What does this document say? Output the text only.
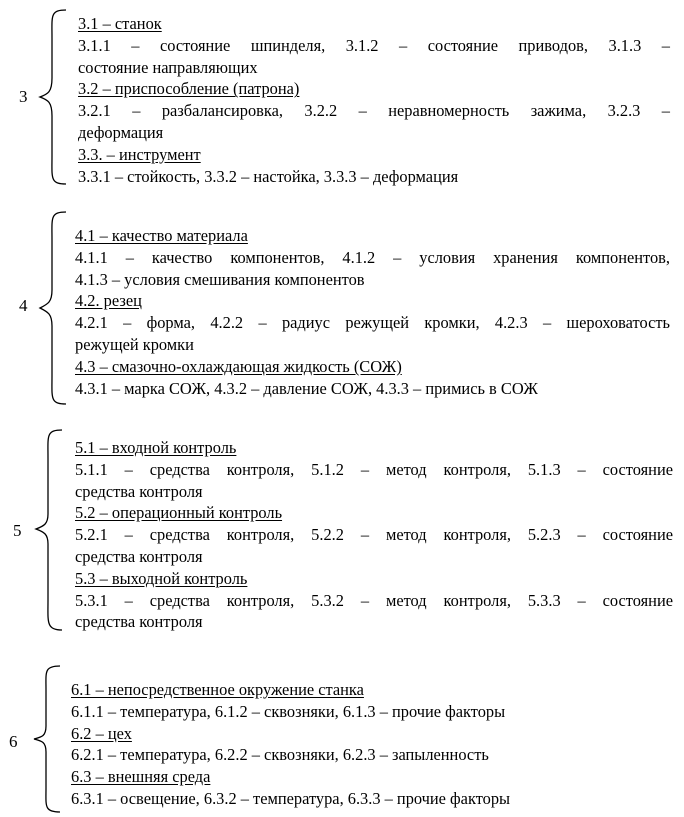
3
3.1 – станок
3.1.1 – состояние шпинделя, 3.1.2 – состояние приводов, 3.1.3 –
состояние направляющих
3.2 – приспособление (патрона)
3.2.1 – разбалансировка, 3.2.2 – неравномерность зажима, 3.2.3 –
деформация
3.3. – инструмент
3.3.1 – стойкость, 3.3.2 – настойка, 3.3.3 – деформация
4
4.1 – качество материала
4.1.1 – качество компонентов, 4.1.2 – условия хранения компонентов,
4.1.3 – условия смешивания компонентов
4.2. резец
4.2.1 – форма, 4.2.2 – радиус режущей кромки, 4.2.3 – шероховатость
режущей кромки
4.3 – смазочно-охлаждающая жидкость (СОЖ)
4.3.1 – марка СОЖ, 4.3.2 – давление СОЖ, 4.3.3 – примись в СОЖ
5
5.1 – входной контроль
5.1.1 – средства контроля, 5.1.2 – метод контроля, 5.1.3 – состояние
средства контроля
5.2 – операционный контроль
5.2.1 – средства контроля, 5.2.2 – метод контроля, 5.2.3 – состояние
средства контроля
5.3 – выходной контроль
5.3.1 – средства контроля, 5.3.2 – метод контроля, 5.3.3 – состояние
средства контроля
6
6.1 – непосредственное окружение станка
6.1.1 – температура, 6.1.2 – сквозняки, 6.1.3 – прочие факторы
6.2 – цех
6.2.1 – температура, 6.2.2 – сквозняки, 6.2.3 – запыленность
6.3 – внешняя среда
6.3.1 – освещение, 6.3.2 – температура, 6.3.3 – прочие факторы
